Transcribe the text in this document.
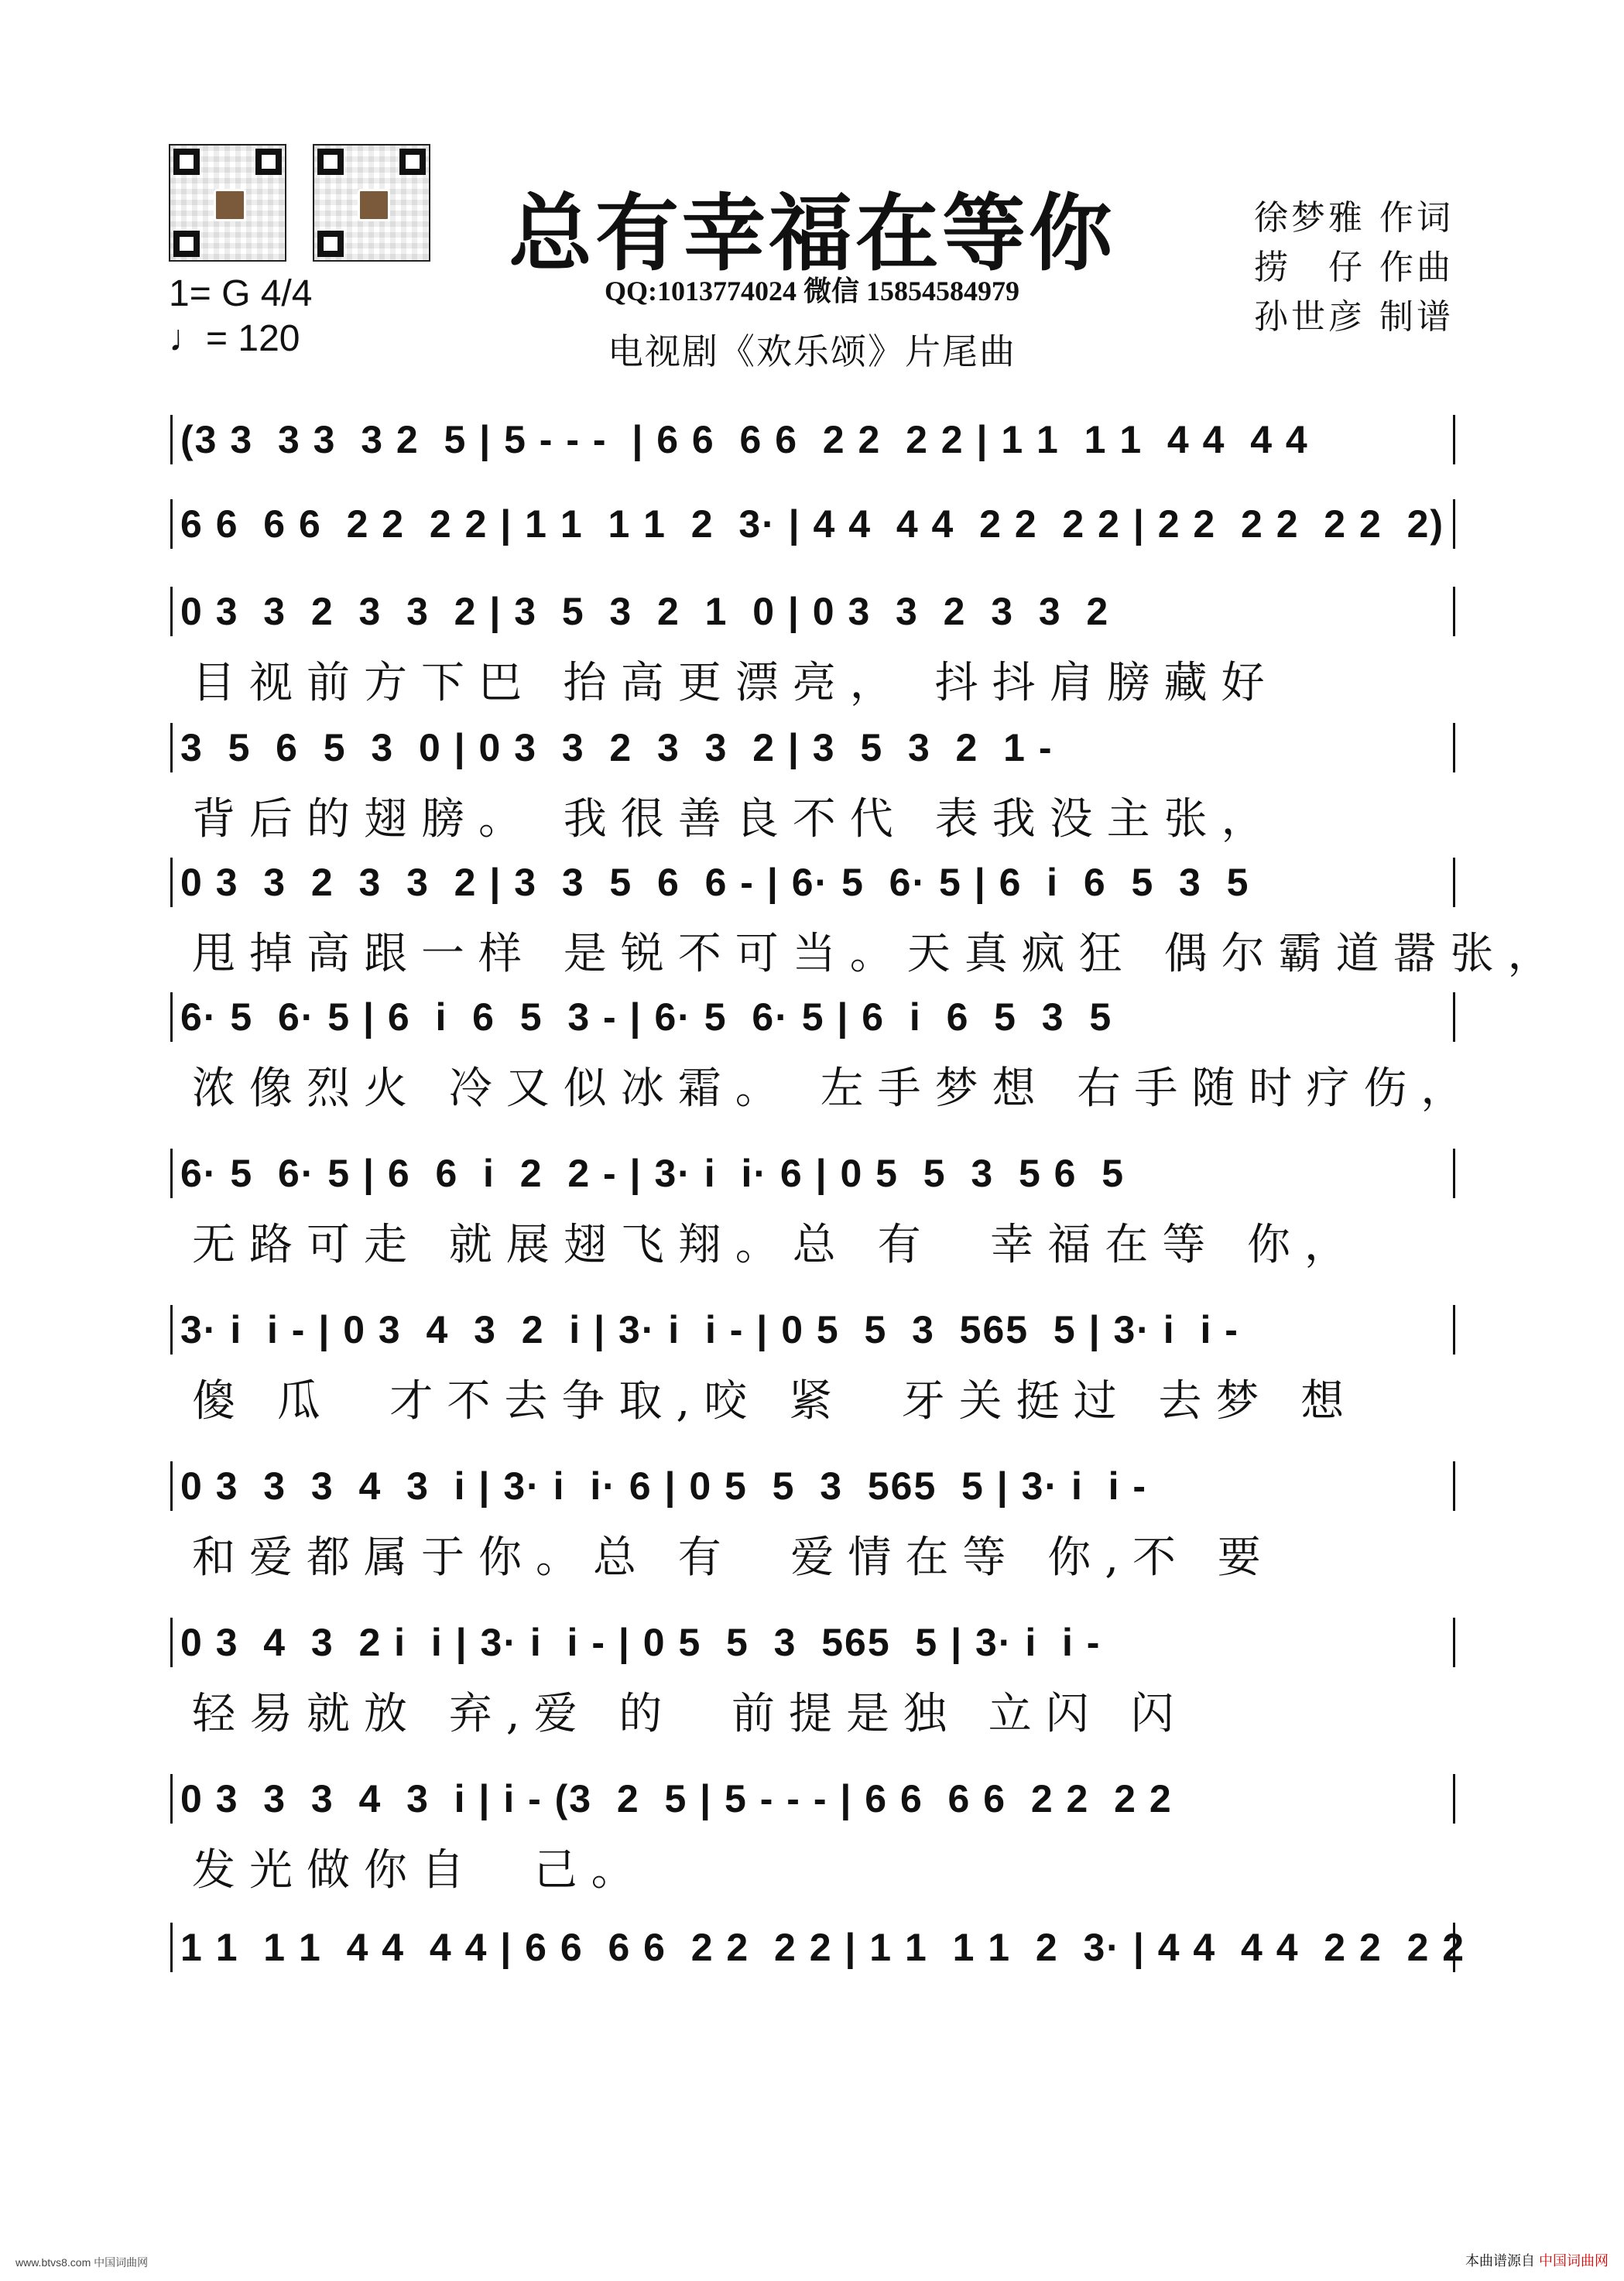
总有幸福在等你
QQ:1013774024 微信 15854584979
电视剧《欢乐颂》片尾曲
徐梦雅 作词
捞　仔 作曲
孙世彦 制谱
1= G 4/4
♩= 120
(3 3  3 3  3 2  5 | 5 - - -  | 6 6  6 6  2 2  2 2 | 1 1  1 1  4 4  4 4
6 6  6 6  2 2  2 2 | 1 1  1 1  2  3· | 4 4  4 4  2 2  2 2 | 2 2  2 2  2 2  2)
0 3  3  2  3  3  2 | 3  5  3  2  1  0 | 0 3  3  2  3  3  2
目视前方下巴 抬高更漂亮， 抖抖肩膀藏好
3  5  6  5  3  0 | 0 3  3  2  3  3  2 | 3  5  3  2  1 -
背后的翅膀。 我很善良不代 表我没主张，
0 3  3  2  3  3  2 | 3  3  5  6  6 - | 6· 5  6· 5 | 6  i  6  5  3  5
甩掉高跟一样 是锐不可当。天真疯狂 偶尔霸道嚣张，
6· 5  6· 5 | 6  i  6  5  3 - | 6· 5  6· 5 | 6  i  6  5  3  5
浓像烈火 冷又似冰霜。 左手梦想 右手随时疗伤，
6· 5  6· 5 | 6  6  i  2  2 - | 3· i  i· 6 | 0 5  5  3  5 6  5
无路可走 就展翅飞翔。总 有  幸福在等 你，
3· i  i - | 0 3  4  3  2  i | 3· i  i - | 0 5  5  3  565  5 | 3· i  i -
傻 瓜  才不去争取,咬 紧  牙关挺过 去梦 想
0 3  3  3  4  3  i | 3· i  i· 6 | 0 5  5  3  565  5 | 3· i  i -
和爱都属于你。总 有  爱情在等 你,不 要
0 3  4  3  2 i  i | 3· i  i - | 0 5  5  3  565  5 | 3· i  i -
轻易就放 弃,爱 的  前提是独 立闪 闪
0 3  3  3  4  3  i | i - (3  2  5 | 5 - - - | 6 6  6 6  2 2  2 2
发光做你自  己。
1 1  1 1  4 4  4 4 | 6 6  6 6  2 2  2 2 | 1 1  1 1  2  3· | 4 4  4 4  2 2  2 2
www.btvs8.com 中国词曲网	本曲谱源自 中国词曲网
